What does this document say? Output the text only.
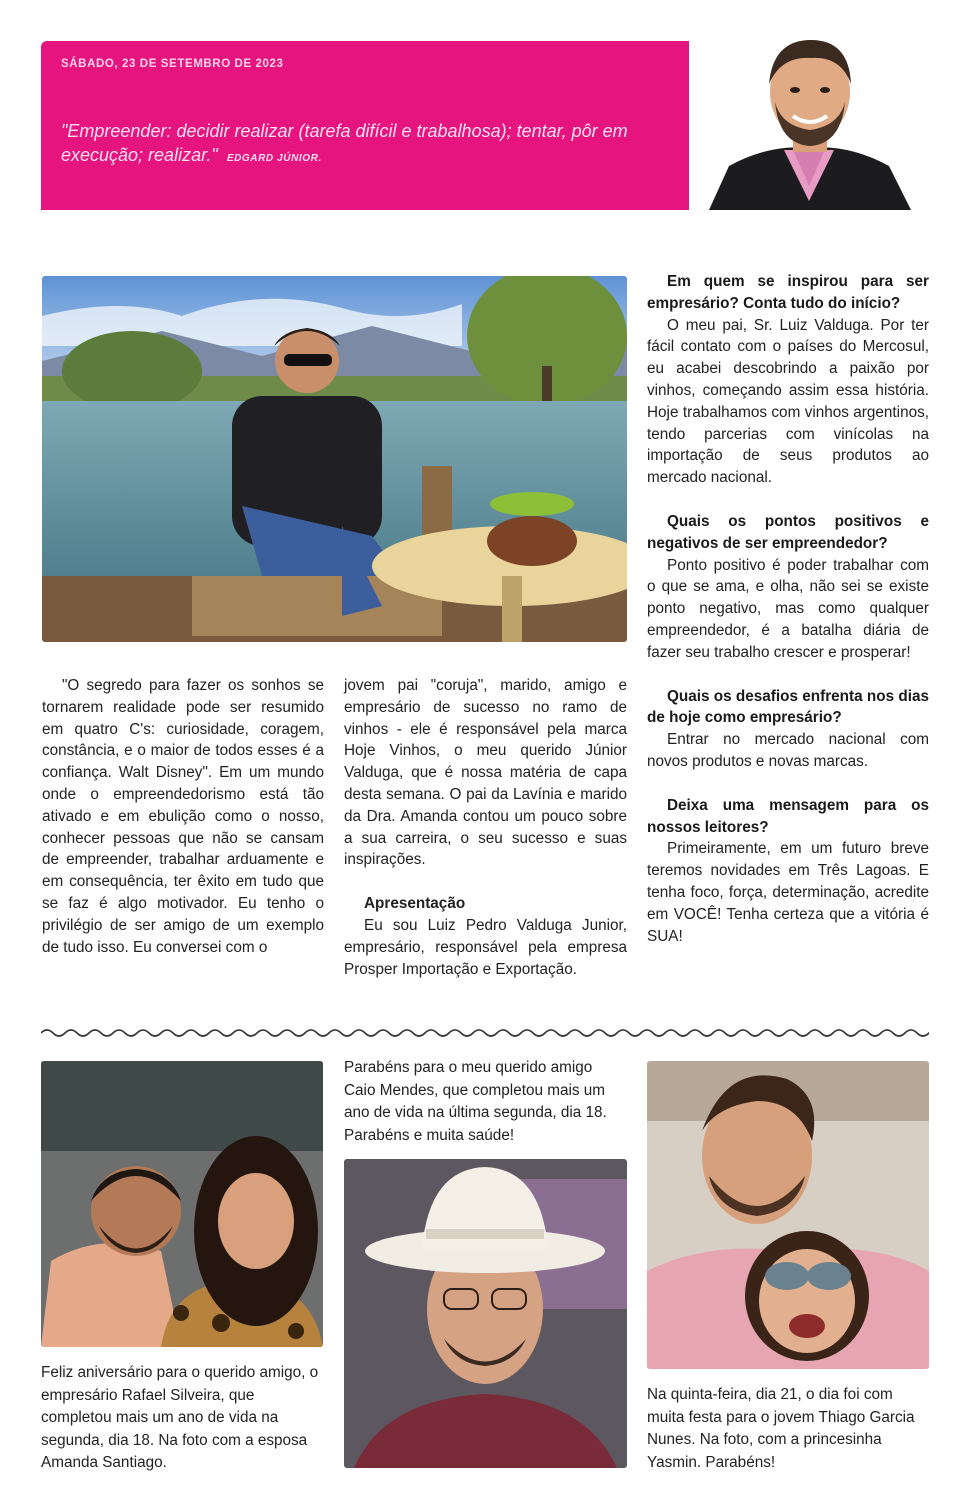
SÁBADO, 23 DE SETEMBRO DE 2023
"Empreender: decidir realizar (tarefa difícil e trabalhosa); tentar, pôr em execução; realizar." EDGARD JÚNIOR.

"O segredo para fazer os sonhos se tornarem realidade pode ser resumido em quatro C's: curiosidade, coragem, constância, e o maior de todos esses é a confiança. Walt Disney". Em um mundo onde o empreendedorismo está tão ativado e em ebulição como o nosso, conhecer pessoas que não se cansam de empreender, trabalhar arduamente e em consequência, ter êxito em tudo que se faz é algo motivador. Eu tenho o privilégio de ser amigo de um exemplo de tudo isso. Eu conversei com o

jovem pai "coruja", marido, amigo e empresário de sucesso no ramo de vinhos - ele é responsável pela marca Hoje Vinhos, o meu querido Júnior Valduga, que é nossa matéria de capa desta semana. O pai da Lavínia e marido da Dra. Amanda contou um pouco sobre a sua carreira, o seu sucesso e suas inspirações.

Apresentação

Eu sou Luiz Pedro Valduga Junior, empresário, responsável pela empresa Prosper Importação e Exportação.

Em quem se inspirou para ser empresário? Conta tudo do início?

O meu pai, Sr. Luiz Valduga. Por ter fácil contato com o países do Mercosul, eu acabei descobrindo a paixão por vinhos, começando assim essa história. Hoje trabalhamos com vinhos argentinos, tendo parcerias com vinícolas na importação de seus produtos ao mercado nacional.

Quais os pontos positivos e negativos de ser empreendedor?

Ponto positivo é poder trabalhar com o que se ama, e olha, não sei se existe ponto negativo, mas como qualquer empreendedor, é a batalha diária de fazer seu trabalho crescer e prosperar!

Quais os desafios enfrenta nos dias de hoje como empresário?

Entrar no mercado nacional com novos produtos e novas marcas.

Deixa uma mensagem para os nossos leitores?

Primeiramente, em um futuro breve teremos novidades em Três Lagoas. E tenha foco, força, determinação, acredite em VOCÊ! Tenha certeza que a vitória é SUA!

Feliz aniversário para o querido amigo, o empresário Rafael Silveira, que completou mais um ano de vida na segunda, dia 18. Na foto com a esposa Amanda Santiago.
Parabéns para o meu querido amigo Caio Mendes, que completou mais um ano de vida na última segunda, dia 18. Parabéns e muita saúde!
Na quinta-feira, dia 21, o dia foi com muita festa para o jovem Thiago Garcia Nunes. Na foto, com a princesinha Yasmin. Parabéns!
